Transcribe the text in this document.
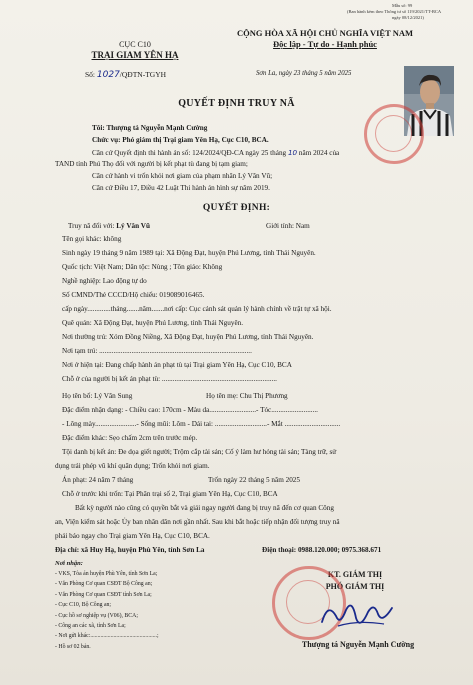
Mẫu số: 99
(Ban hành kèm theo Thông tư số 119/2021/TT-BCA
ngày 08/12/2021)
CỤC C10
TRẠI GIAM YÊN HẠ
Số: 1027/QĐTN-TGYH
CỘNG HÒA XÃ HỘI CHỦ NGHĨA VIỆT NAM
Độc lập - Tự do - Hạnh phúc
Sơn La, ngày 23 tháng 5 năm 2025
QUYẾT ĐỊNH TRUY NÃ
Tôi: Thượng tá Nguyễn Mạnh Cường
Chức vụ: Phó giám thị Trại giam Yên Hạ, Cục C10, BCA.
Căn cứ Quyết định thi hành án số: 124/2024/QĐ-CA ngày 25 tháng 10 năm 2024 của
TAND tỉnh Phú Thọ đối với người bị kết phạt tù đang bị tạm giam;
Căn cứ hành vi trốn khỏi nơi giam của phạm nhân Lý Văn Vũ;
Căn cứ Điều 17, Điều 42 Luật Thi hành án hình sự năm 2019.
QUYẾT ĐỊNH:
Truy nã đối với: Lý Văn Vũ	Giới tính: Nam
Tên gọi khác: không
Sinh ngày 19 tháng 9 năm 1989 tại: Xã Động Đạt, huyện Phú Lương, tỉnh Thái Nguyên.
Quốc tịch: Việt Nam; Dân tộc: Nùng ; Tôn giáo: Không
Nghề nghiệp: Lao động tự do
Số CMND/Thẻ CCCD/Hộ chiếu: 019089016465.
cấp ngày.............tháng.......năm.......nơi cấp: Cục cảnh sát quản lý hành chính về trật tự xã hội.
Quê quán: Xã Động Đạt, huyện Phú Lương, tỉnh Thái Nguyên.
Nơi thường trú: Xóm Đồng Niềng, Xã Động Đạt, huyện Phú Lương, tỉnh Thái Nguyên.
Nơi tạm trú: .....................................................................................
Nơi ở hiện tại: Đang chấp hành án phạt tù tại Trại giam Yên Hạ, Cục C10, BCA
Chỗ ở của người bị kết án phạt tù: ................................................................
Họ tên bố: Lý Văn Sung	Họ tên mẹ: Chu Thị Phương
Đặc điểm nhận dạng: - Chiều cao: 170cm - Màu da..........................- Tóc..........................
- Lông mày.......................- Sống mũi: Lõm - Dái tai: .............................- Mắt ...............................
Đặc điểm khác: Sẹo chấm 2cm trên trước mép.
Tội danh bị kết án: Đe dọa giết người; Trộm cắp tài sản; Cố ý làm hư hỏng tài sản; Tàng trữ, sử
dụng trái phép vũ khí quân dụng; Trốn khỏi nơi giam.
Án phạt: 24 năm 7 tháng	Trốn ngày 22 tháng 5 năm 2025
Chỗ ở trước khi trốn: Tại Phân trại số 2, Trại giam Yên Hạ, Cục C10, BCA
Bất kỳ người nào cũng có quyền bắt và giải ngay người đang bị truy nã đến cơ quan Công
an, Viện kiểm sát hoặc Ủy ban nhân dân nơi gần nhất. Sau khi bắt hoặc tiếp nhận đối tượng truy nã
phải báo ngay cho Trại giam Yên Hạ, Cục C10, BCA.
Địa chỉ: xã Huy Hạ, huyện Phù Yên, tỉnh Sơn La	Điện thoại: 0988.120.000; 0975.368.671
Nơi nhận:
- VKS, Tòa án huyện Phù Yên, tỉnh Sơn La;
- Văn Phòng Cơ quan CSĐT Bộ Công an;
- Văn Phòng Cơ quan CSĐT tỉnh Sơn La;
- Cục C10, Bộ Công an;
- Cục hồ sơ nghiệp vụ (V06), BCA;
- Công an các xã, tỉnh Sơn La;
- Nơi gửi khác:..............................................;
- Hồ sơ 02 bản.
KT. GIÁM THỊ
PHÓ GIÁM THỊ
Thượng tá Nguyễn Mạnh Cường
